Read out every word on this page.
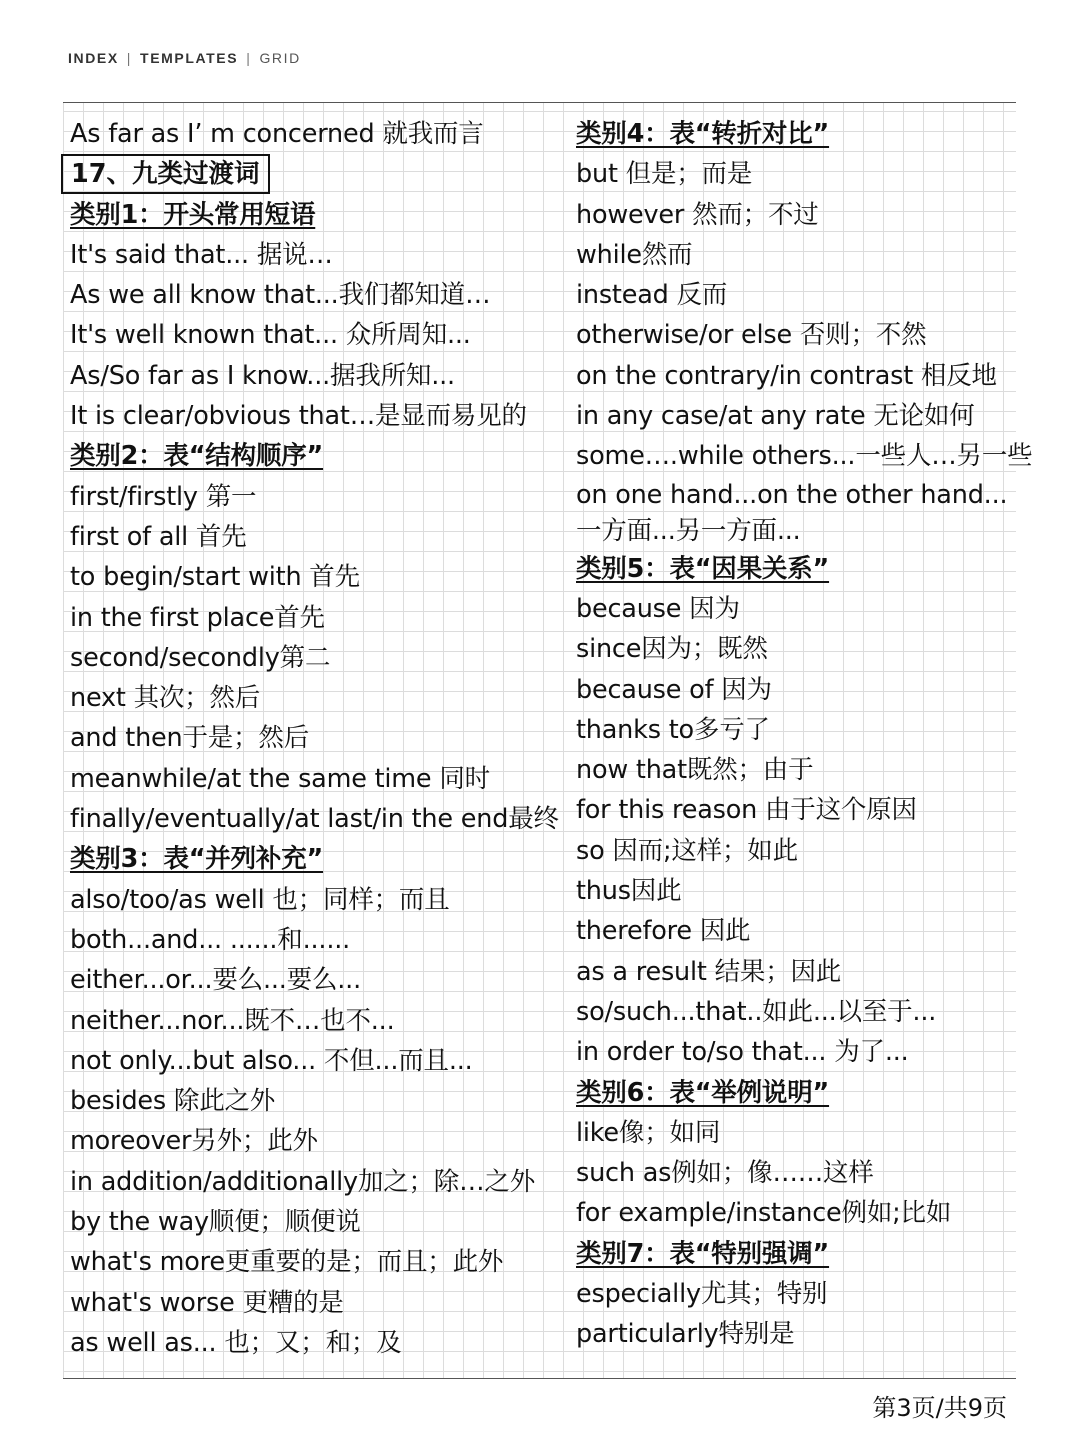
INDEX | TEMPLATES | GRID
As far as I’ m concerned 就我而言
17、九类过渡词
类别1：开头常用短语
It's said that... 据说…
As we all know that...我们都知道…
It's well known that... 众所周知...
As/So far as I know...据我所知...
It is clear/obvious that…是显而易见的
类别2：表“结构顺序”
first/firstly 第一
first of all 首先
to begin/start with 首先
in the first place首先
second/secondly第二
next 其次；然后
and then于是；然后
meanwhile/at the same time 同时
finally/eventually/at last/in the end最终
类别3：表“并列补充”
also/too/as well 也；同样；而且
both...and... ......和......
either...or...要么...要么...
neither...nor...既不…也不...
not only...but also... 不但...而且...
besides 除此之外
moreover另外；此外
in addition/additionally加之；除…之外
by the way顺便；顺便说
what's more更重要的是；而且；此外
what's worse 更糟的是
as well as... 也；又；和；及
类别4：表“转折对比”
but 但是；而是
however 然而；不过
while然而
instead 反而
otherwise/or else 否则；不然
on the contrary/in contrast 相反地
in any case/at any rate 无论如何
some….while others...一些人…另一些
on one hand...on the other hand...
一方面...另一方面...
类别5：表“因果关系”
because 因为
since因为；既然
because of 因为
thanks to多亏了
now that既然；由于
for this reason 由于这个原因
so 因而;这样；如此
thus因此
therefore 因此
as a result 结果；因此
so/such...that..如此...以至于...
in order to/so that... 为了...
类别6：表“举例说明”
like像；如同
such as例如；像……这样
for example/instance例如;比如
类别7：表“特别强调”
especially尤其；特别
particularly特别是
第3页/共9页
